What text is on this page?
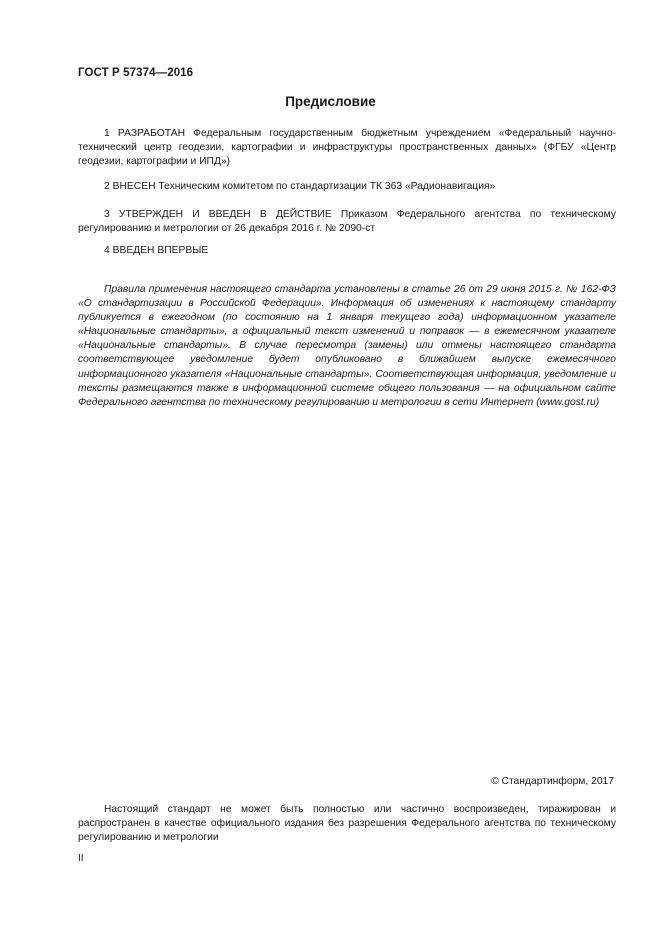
ГОСТ Р 57374—2016
Предисловие

1 РАЗРАБОТАН Федеральным государственным бюджетным учреждением «Федеральный научно-технический центр геодезии, картографии и инфраструктуры пространственных данных» (ФГБУ «Центр геодезии, картографии и ИПД»)

2 ВНЕСЕН Техническим комитетом по стандартизации ТК 363 «Радионавигация»

3 УТВЕРЖДЕН И ВВЕДЕН В ДЕЙСТВИЕ Приказом Федерального агентства по техническому регулированию и метрологии от 26 декабря 2016 г. № 2090-ст

4 ВВЕДЕН ВПЕРВЫЕ

Правила применения настоящего стандарта установлены в статье 26 от 29 июня 2015 г. № 162-ФЗ «О стандартизации в Российской Федерации». Информация об изменениях к настоящему стандарту публикуется в ежегодном (по состоянию на 1 января текущего года) информационном указателе «Национальные стандарты», а официальный текст изменений и поправок — в ежемесячном указателе «Национальные стандарты». В случае пересмотра (замены) или отмены настоящего стандарта соответствующее уведомление будет опубликовано в ближайшем выпуске ежемесячного информационного указателя «Национальные стандарты». Соответствующая информация, уведомление и тексты размещаются также в информационной системе общего пользования — на официальном сайте Федерального агентства по техническому регулированию и метрологии в сети Интернет (www.gost.ru)

© Стандартинформ, 2017

Настоящий стандарт не может быть полностью или частично воспроизведен, тиражирован и распространен в качестве официального издания без разрешения Федерального агентства по техническому регулированию и метрологии

II
